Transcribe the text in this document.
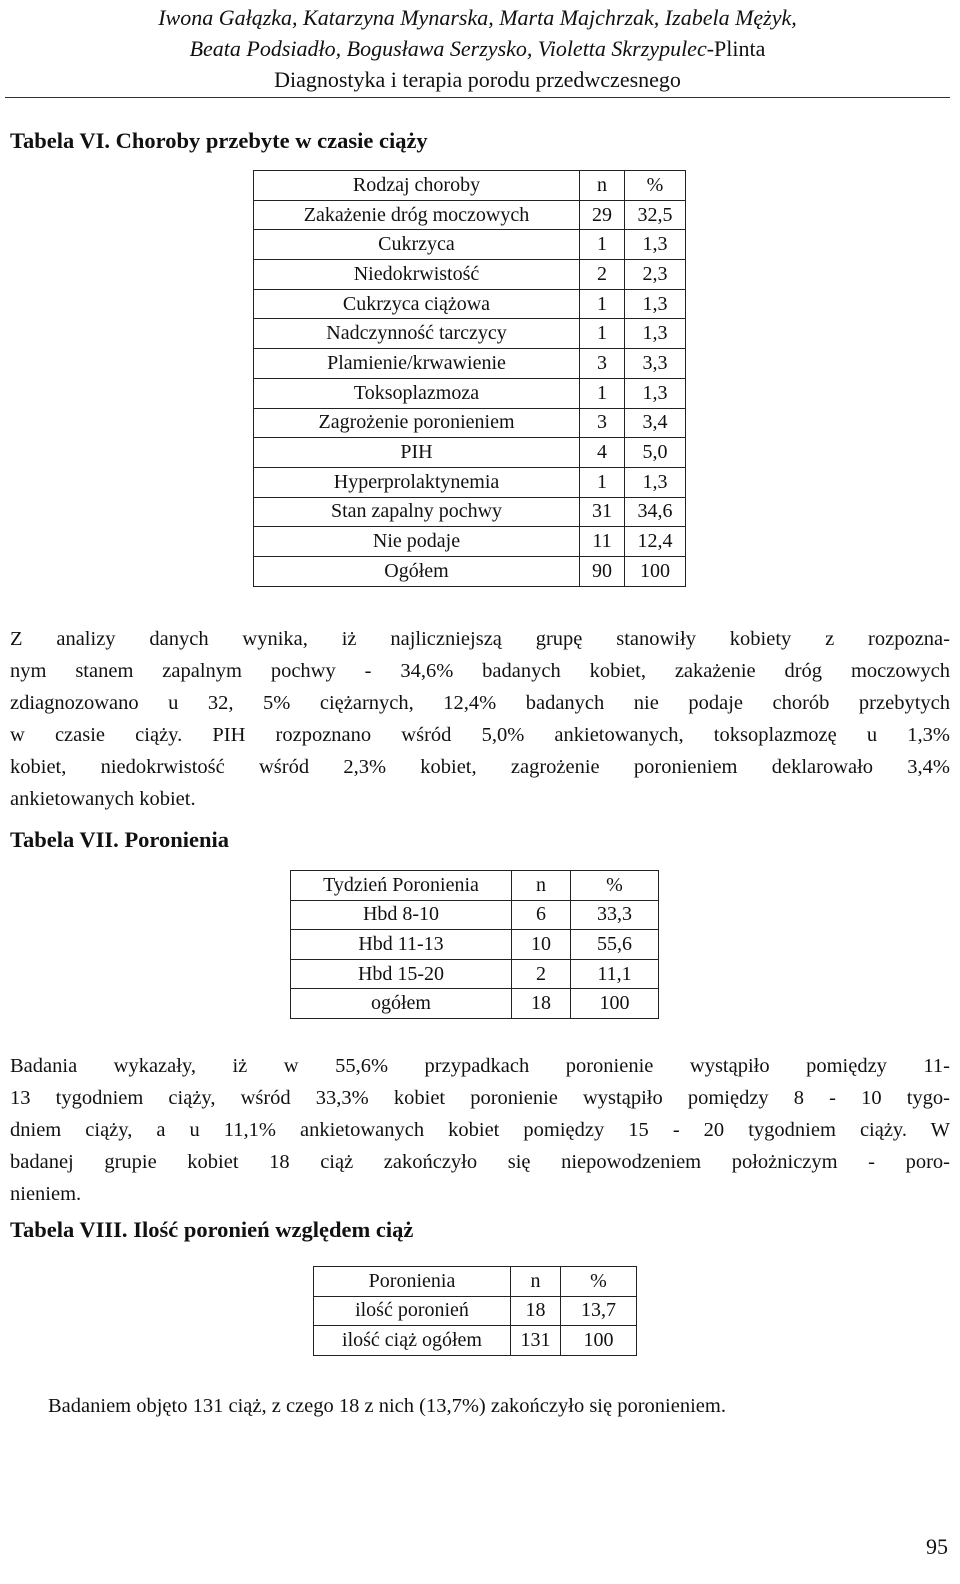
Iwona Gałązka, Katarzyna Mynarska, Marta Majchrzak, Izabela Mężyk,
Beata Podsiadło, Bogusława Serzysko, Violetta Skrzypulec-Plinta
Diagnostyka i terapia porodu przedwczesnego
Tabela VI. Choroby przebyte w czasie ciąży
Rodzaj choroby	n	%
Zakażenie dróg moczowych	29	32,5
Cukrzyca	1	1,3
Niedokrwistość	2	2,3
Cukrzyca ciążowa	1	1,3
Nadczynność tarczycy	1	1,3
Plamienie/krwawienie	3	3,3
Toksoplazmoza	1	1,3
Zagrożenie poronieniem	3	3,4
PIH	4	5,0
Hyperprolaktynemia	1	1,3
Stan zapalny pochwy	31	34,6
Nie podaje	11	12,4
Ogółem	90	100
Z analizy danych wynika, iż najliczniejszą grupę stanowiły kobiety z rozpozna-
nym stanem zapalnym pochwy - 34,6% badanych kobiet, zakażenie dróg moczowych
zdiagnozowano u 32, 5% ciężarnych, 12,4% badanych nie podaje chorób przebytych
w czasie ciąży. PIH rozpoznano wśród 5,0% ankietowanych, toksoplazmozę u 1,3%
kobiet, niedokrwistość wśród 2,3% kobiet, zagrożenie poronieniem deklarowało 3,4%
ankietowanych kobiet.
Tabela VII. Poronienia
Tydzień Poronienia	n	%
Hbd 8-10	6	33,3
Hbd 11-13	10	55,6
Hbd 15-20	2	11,1
ogółem	18	100
Badania wykazały, iż w 55,6% przypadkach poronienie wystąpiło pomiędzy 11-
13 tygodniem ciąży, wśród 33,3% kobiet poronienie wystąpiło pomiędzy 8 - 10 tygo-
dniem ciąży, a u 11,1% ankietowanych kobiet pomiędzy 15 - 20 tygodniem ciąży. W
badanej grupie kobiet 18 ciąż zakończyło się niepowodzeniem położniczym - poro-
nieniem.
Tabela VIII. Ilość poronień względem ciąż
Poronienia	n	%
ilość poronień	18	13,7
ilość ciąż ogółem	131	100
Badaniem objęto 131 ciąż, z czego 18 z nich (13,7%) zakończyło się poronieniem.
95
